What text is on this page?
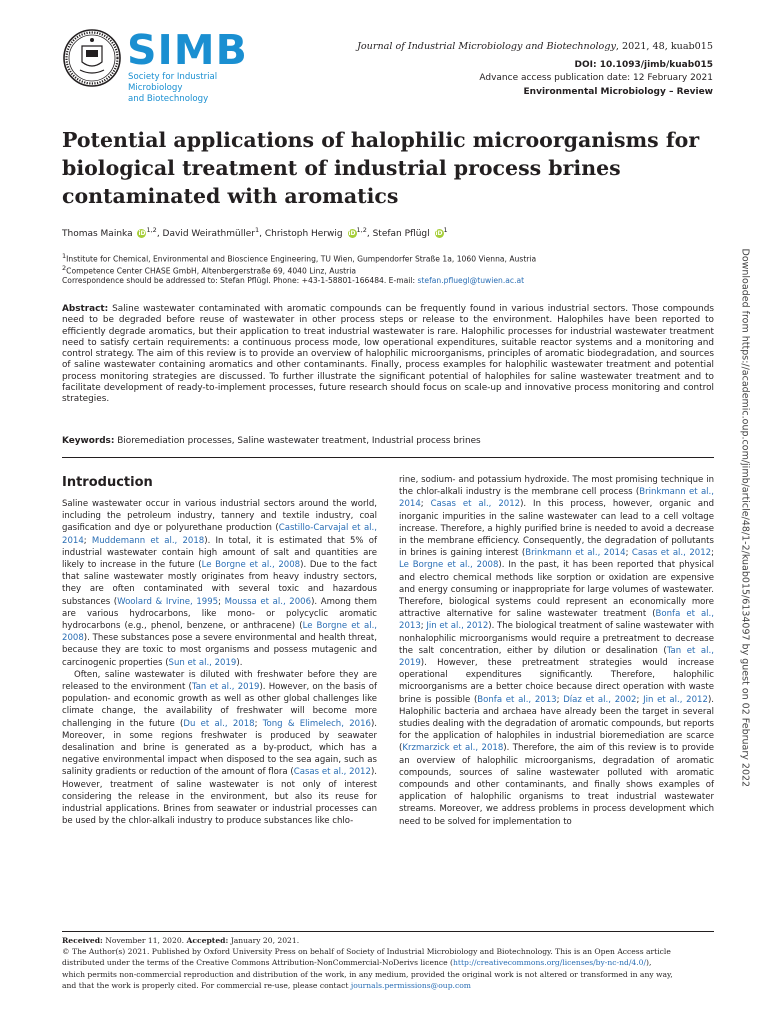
SIMB
Society for Industrial Microbiology
and Biotechnology
Journal of Industrial Microbiology and Biotechnology, 2021, 48, kuab015
DOI: 10.1093/jimb/kuab015
Advance access publication date: 12 February 2021
Environmental Microbiology – Review
Potential applications of halophilic microorganisms for biological treatment of industrial process brines contaminated with aromatics
Thomas Mainka iD$^{1,2}$, David Weirathmüller$^1$, Christoph Herwig iD$^{1,2}$, Stefan Pflügl $iD^1$
$^1$Institute for Chemical, Environmental and Bioscience Engineering, TU Wien, Gumpendorfer Straße 1a, 1060 Vienna, Austria
$^2$Competence Center CHASE GmbH, Altenbergerstraße 69, 4040 Linz, Austria
Correspondence should be addressed to: Stefan Pflügl. Phone: +43-1-58801-166484. E-mail: stefan.pfluegl@tuwien.ac.at
Abstract: Saline wastewater contaminated with aromatic compounds can be frequently found in various industrial sectors. Those compounds need to be degraded before reuse of wastewater in other process steps or release to the environment. Halophiles have been reported to efficiently degrade aromatics, but their application to treat industrial wastewater is rare. Halophilic processes for industrial wastewater treatment need to satisfy certain requirements: a continuous process mode, low operational expenditures, suitable reactor systems and a monitoring and control strategy. The aim of this review is to provide an overview of halophilic microorganisms, principles of aromatic biodegradation, and sources of saline wastewater containing aromatics and other contaminants. Finally, process examples for halophilic wastewater treatment and potential process monitoring strategies are discussed. To further illustrate the significant potential of halophiles for saline wastewater treatment and to facilitate development of ready-to-implement processes, future research should focus on scale-up and innovative process monitoring and control strategies.
Keywords: Bioremediation processes, Saline wastewater treatment, Industrial process brines
Introduction

Saline wastewater occur in various industrial sectors around the world, including the petroleum industry, tannery and textile industry, coal gasification and dye or polyurethane production (Castillo-Carvajal et al., 2014; Muddemann et al., 2018). In total, it is estimated that 5% of industrial wastewater contain high amount of salt and quantities are likely to increase in the future (Le Borgne et al., 2008). Due to the fact that saline wastewater mostly originates from heavy industry sectors, they are often contaminated with several toxic and hazardous substances (Woolard & Irvine, 1995; Moussa et al., 2006). Among them are various hydrocarbons, like mono- or polycyclic aromatic hydrocarbons (e.g., phenol, benzene, or anthracene) (Le Borgne et al., 2008). These substances pose a severe environmental and health threat, because they are toxic to most organisms and possess mutagenic and carcinogenic properties (Sun et al., 2019).

Often, saline wastewater is diluted with freshwater before they are released to the environment (Tan et al., 2019). However, on the basis of population- and economic growth as well as other global challenges like climate change, the availability of freshwater will become more challenging in the future (Du et al., 2018; Tong & Elimelech, 2016). Moreover, in some regions freshwater is produced by seawater desalination and brine is generated as a by-product, which has a negative environmental impact when disposed to the sea again, such as salinity gradients or reduction of the amount of flora (Casas et al., 2012). However, treatment of saline wastewater is not only of interest considering the release in the environment, but also its reuse for industrial applications. Brines from seawater or industrial processes can be used by the chlor-alkali industry to produce substances like chlo-

rine, sodium- and potassium hydroxide. The most promising technique in the chlor-alkali industry is the membrane cell process (Brinkmann et al., 2014; Casas et al., 2012). In this process, however, organic and inorganic impurities in the saline wastewater can lead to a cell voltage increase. Therefore, a highly purified brine is needed to avoid a decrease in the membrane efficiency. Consequently, the degradation of pollutants in brines is gaining interest (Brinkmann et al., 2014; Casas et al., 2012; Le Borgne et al., 2008). In the past, it has been reported that physical and electro chemical methods like sorption or oxidation are expensive and energy consuming or inappropriate for large volumes of wastewater. Therefore, biological systems could represent an economically more attractive alternative for saline wastewater treatment (Bonfa et al., 2013; Jin et al., 2012). The biological treatment of saline wastewater with nonhalophilic microorganisms would require a pretreatment to decrease the salt concentration, either by dilution or desalination (Tan et al., 2019). However, these pretreatment strategies would increase operational expenditures significantly. Therefore, halophilic microorganisms are a better choice because direct operation with waste brine is possible (Bonfa et al., 2013; Díaz et al., 2002; Jin et al., 2012). Halophilic bacteria and archaea have already been the target in several studies dealing with the degradation of aromatic compounds, but reports for the application of halophiles in industrial bioremediation are scarce (Krzmarzick et al., 2018). Therefore, the aim of this review is to provide an overview of halophilic microorganisms, degradation of aromatic compounds, sources of saline wastewater polluted with aromatic compounds and other contaminants, and finally shows examples of application of halophilic organisms to treat industrial wastewater streams. Moreover, we address problems in process development which need to be solved for implementation to

Received: November 11, 2020. Accepted: January 20, 2021.
© The Author(s) 2021. Published by Oxford University Press on behalf of Society of Industrial Microbiology and Biotechnology. This is an Open Access article
distributed under the terms of the Creative Commons Attribution-NonCommercial-NoDerivs licence (http://creativecommons.org/licenses/by-nc-nd/4.0/),
which permits non-commercial reproduction and distribution of the work, in any medium, provided the original work is not altered or transformed in any way,
and that the work is properly cited. For commercial re-use, please contact journals.permissions@oup.com
Downloaded from https://academic.oup.com/jimb/article/48/1-2/kuab015/6134097 by guest on 02 February 2022
